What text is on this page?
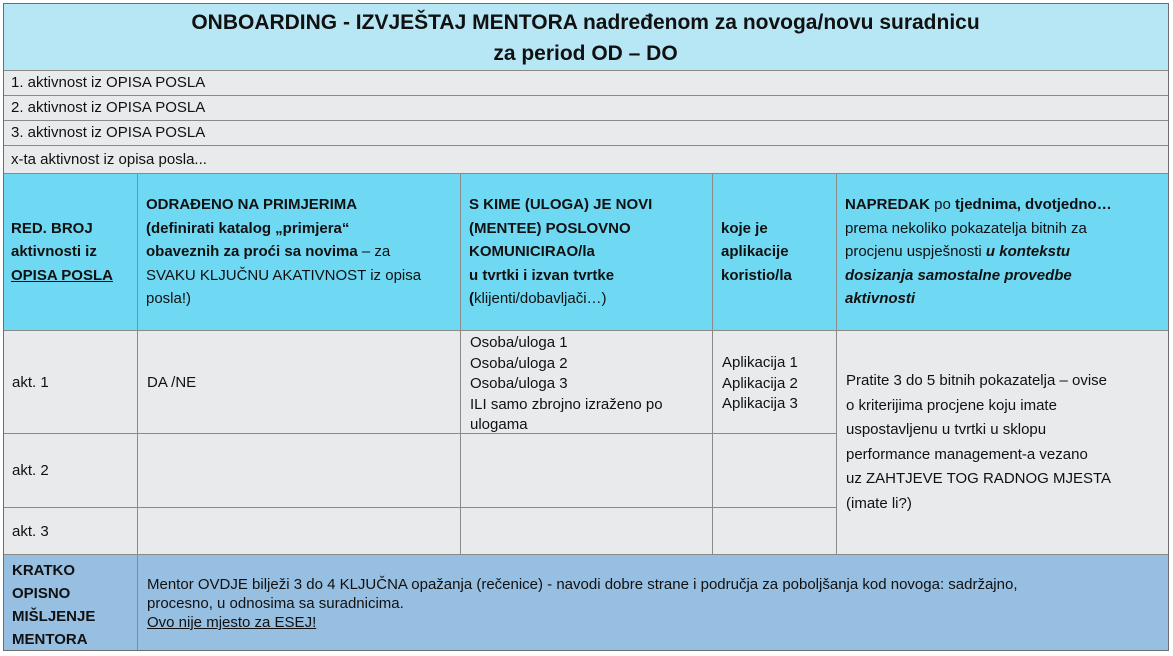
ONBOARDING - IZVJEŠTAJ MENTORA nadređenom za novoga/novu suradnicu
za period OD – DO
1. aktivnost iz OPISA POSLA
2. aktivnost iz OPISA POSLA
3. aktivnost iz OPISA POSLA
x-ta aktivnost iz opisa posla...
RED. BROJ
aktivnosti iz
OPISA POSLA
ODRAĐENO NA PRIMJERIMA
(definirati katalog „primjera“
obaveznih za proći sa novima – za
SVAKU KLJUČNU AKATIVNOST iz opisa
posla!)
S KIME (ULOGA) JE NOVI
(MENTEE) POSLOVNO
KOMUNICIRAO/la
u tvrtki i izvan tvrtke
(klijenti/dobavljači…)
koje je
aplikacije
koristio/la
NAPREDAK po tjednima, dvotjedno…
prema nekoliko pokazatelja bitnih za
procjenu uspješnosti u kontekstu
dosizanja samostalne provedbe
aktivnosti
akt. 1	DA /NE
Osoba/uloga 1
Osoba/uloga 2
Osoba/uloga 3
ILI samo zbrojno izraženo po
ulogama
Aplikacija 1
Aplikacija 2
Aplikacija 3
Pratite 3 do 5 bitnih pokazatelja – ovise
o kriterijima procjene koju imate
uspostavljenu u tvrtki u sklopu
performance management-a vezano
uz ZAHTJEVE TOG RADNOG MJESTA
(imate li?)
akt. 2
akt. 3
KRATKO
OPISNO
MIŠLJENJE
MENTORA
Mentor OVDJE bilježi 3 do 4 KLJUČNA opažanja (rečenice) - navodi dobre strane i područja za poboljšanja kod novoga: sadržajno,
procesno, u odnosima sa suradnicima.
Ovo nije mjesto za ESEJ!
